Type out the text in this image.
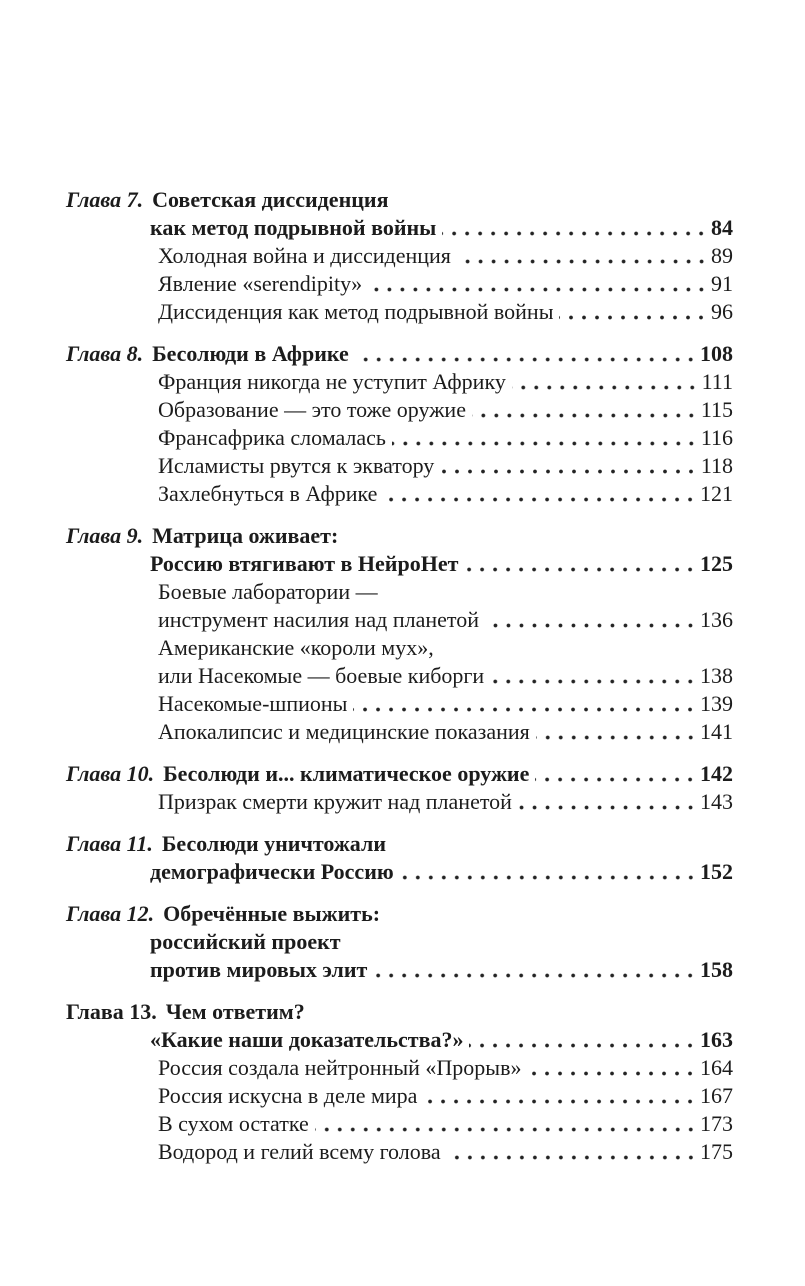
Глава 7. Советская диссиденция
как метод подрывной войны	84
Холодная война и диссиденция	89
Явление «serendipity»	91
Диссиденция как метод подрывной войны	96
Глава 8. Бесолюди в Африке	108
Франция никогда не уступит Африку	111
Образование — это тоже оружие	115
Франсафрика сломалась	116
Исламисты рвутся к экватору	118
Захлебнуться в Африке	121
Глава 9. Матрица оживает:
Россию втягивают в НейроНет	125
Боевые лаборатории —
инструмент насилия над планетой	136
Американские «короли мух»,
или Насекомые — боевые киборги	138
Насекомые-шпионы	139
Апокалипсис и медицинские показания	141
Глава 10. Бесолюди и... климатическое оружие	142
Призрак смерти кружит над планетой	143
Глава 11. Бесолюди уничтожали
демографически Россию	152
Глава 12. Обречённые выжить:
российский проект
против мировых элит	158
Глава 13. Чем ответим?
«Какие наши доказательства?»	163
Россия создала нейтронный «Прорыв»	164
Россия искусна в деле мира	167
В сухом остатке	173
Водород и гелий всему голова	175
